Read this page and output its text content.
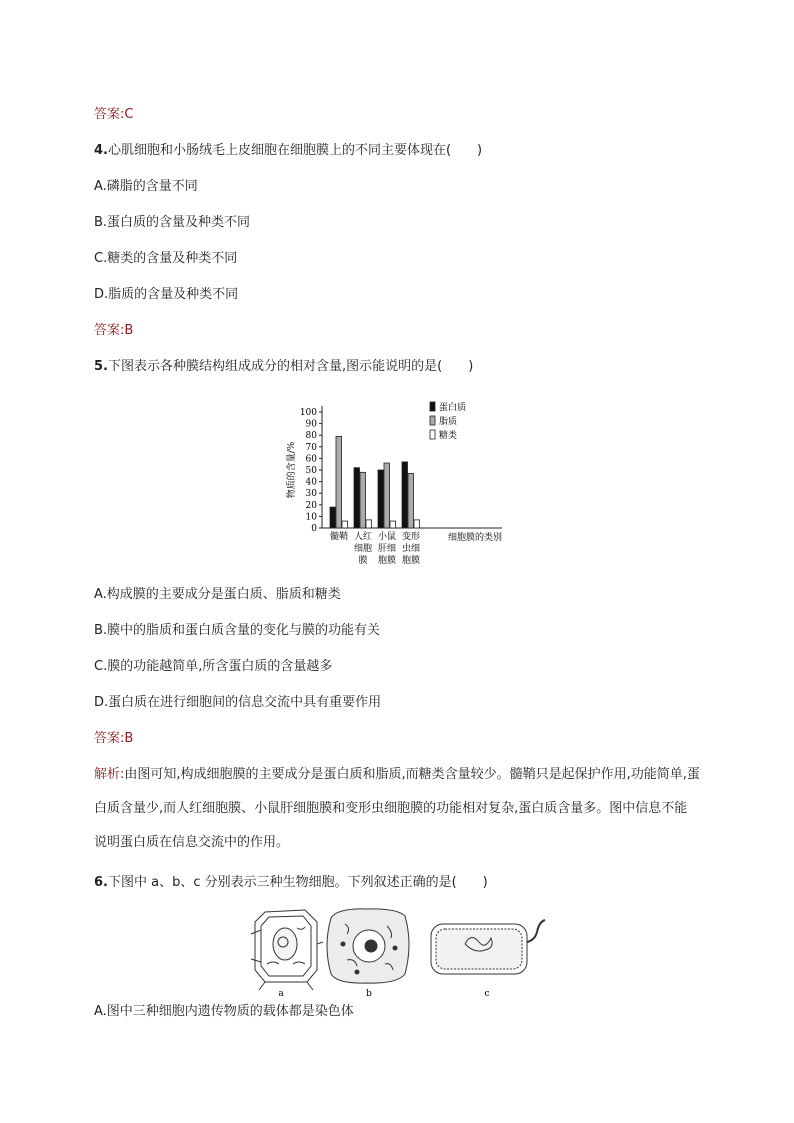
答案:C
4.心肌细胞和小肠绒毛上皮细胞在细胞膜上的不同主要体现在(　　)
A.磷脂的含量不同
B.蛋白质的含量及种类不同
C.糖类的含量及种类不同
D.脂质的含量及种类不同
答案:B
5.下图表示各种膜结构组成成分的相对含量,图示能说明的是(　　)
0
10
20
30
40
50
60
70
80
90
100
物质的含量/%
髓鞘 人红
细胞
膜
小鼠
肝细
胞膜
变形
虫细
胞膜
细胞膜的类别
蛋白质
脂质
糖类
A.构成膜的主要成分是蛋白质、脂质和糖类
B.膜中的脂质和蛋白质含量的变化与膜的功能有关
C.膜的功能越简单,所含蛋白质的含量越多
D.蛋白质在进行细胞间的信息交流中具有重要作用
答案:B
解析:由图可知,构成细胞膜的主要成分是蛋白质和脂质,而糖类含量较少。髓鞘只是起保护作用,功能简单,蛋白质含量少,而人红细胞膜、小鼠肝细胞膜和变形虫细胞膜的功能相对复杂,蛋白质含量多。图中信息不能说明蛋白质在信息交流中的作用。
6.下图中 a、b、c 分别表示三种生物细胞。下列叙述正确的是(　　)
a	b	c
A.图中三种细胞内遗传物质的载体都是染色体
